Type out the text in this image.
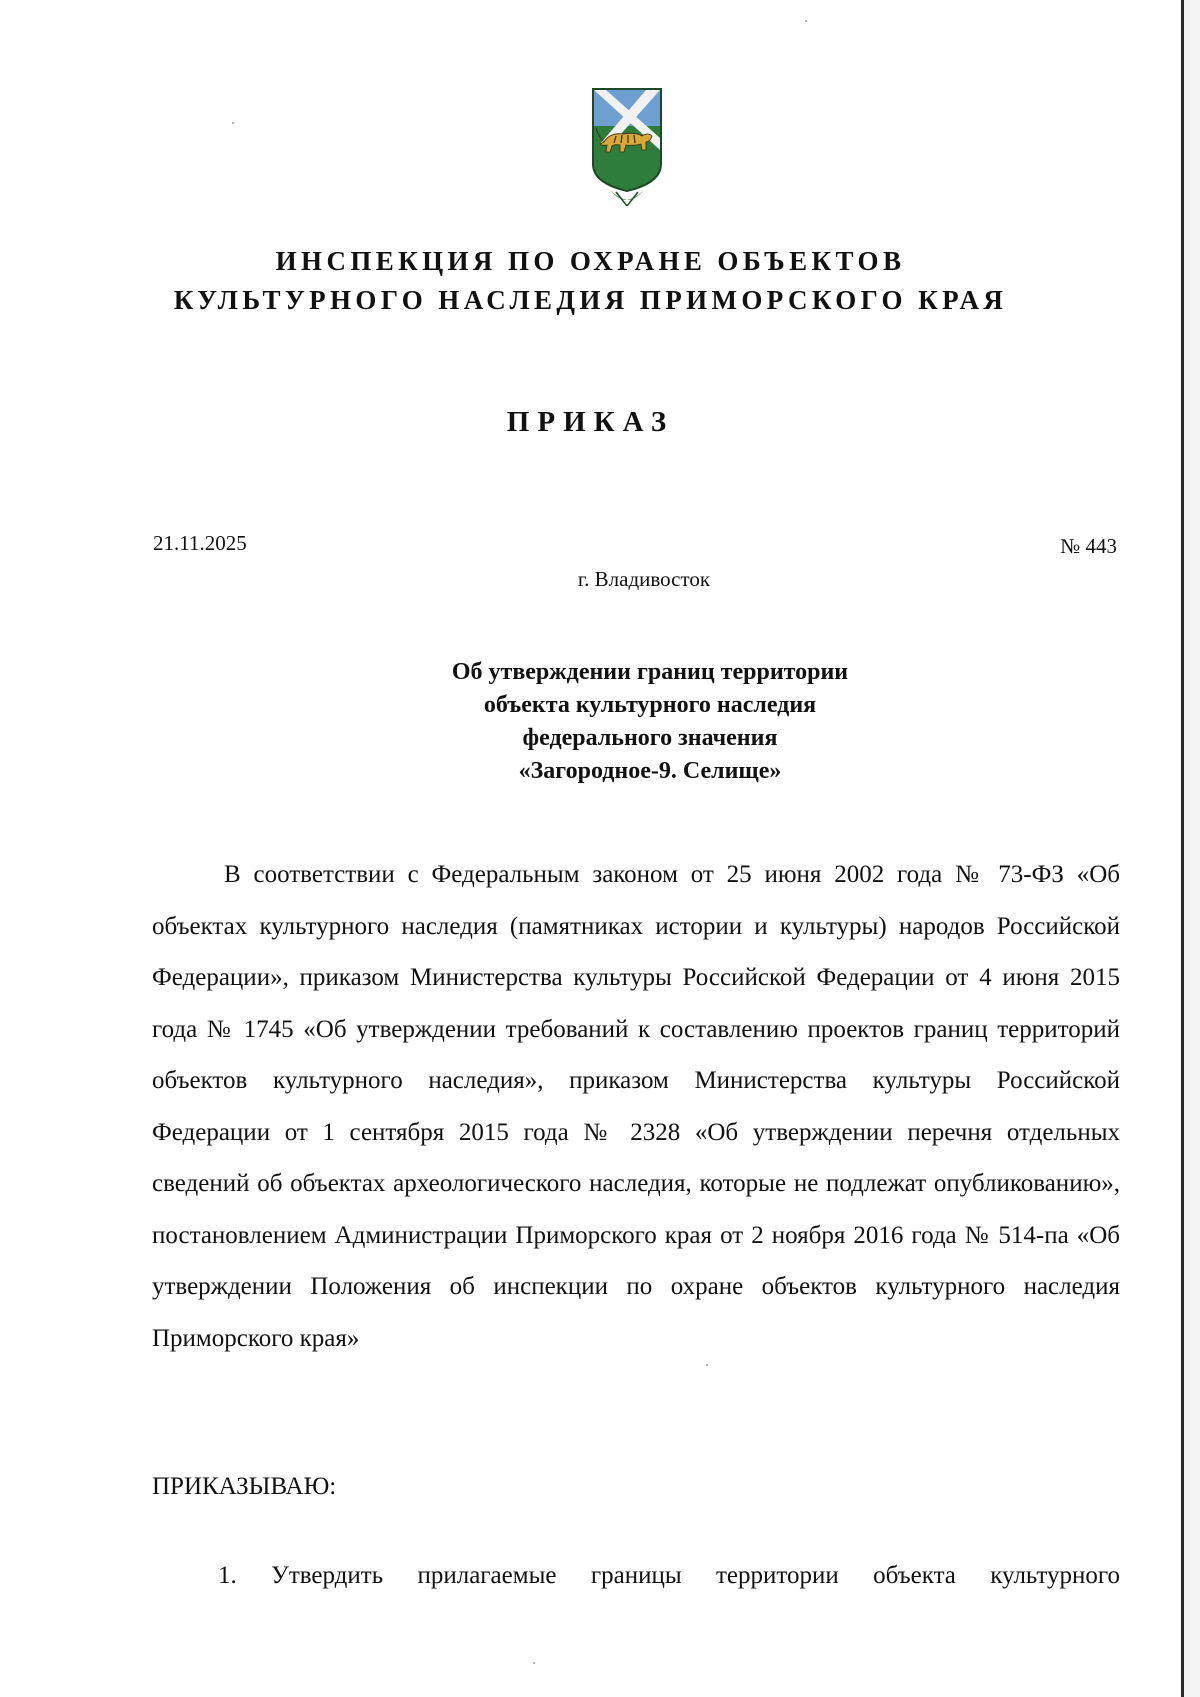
ИНСПЕКЦИЯ ПО ОХРАНЕ ОБЪЕКТОВ
КУЛЬТУРНОГО НАСЛЕДИЯ ПРИМОРСКОГО КРАЯ
ПРИКАЗ
21.11.2025	№ 443
г. Владивосток
Об утверждении границ территории
объекта культурного наследия
федерального значения
«Загородное-9. Селище»

В соответствии с Федеральным законом от 25 июня 2002 года № 73-ФЗ «Об объектах культурного наследия (памятниках истории и культуры) народов Российской Федерации», приказом Министерства культуры Российской Федерации от 4 июня 2015 года № 1745 «Об утверждении требований к составлению проектов границ территорий объектов культурного наследия», приказом Министерства культуры Российской Федерации от 1 сентября 2015 года № 2328 «Об утверждении перечня отдельных сведений об объектах археологического наследия, которые не подлежат опубликованию», постановлением Администрации Приморского края от 2 ноября 2016 года № 514-па «Об утверждении Положения об инспекции по охране объектов культурного наследия Приморского края»

ПРИКАЗЫВАЮ:
1. Утвердить прилагаемые границы территории объекта культурного
